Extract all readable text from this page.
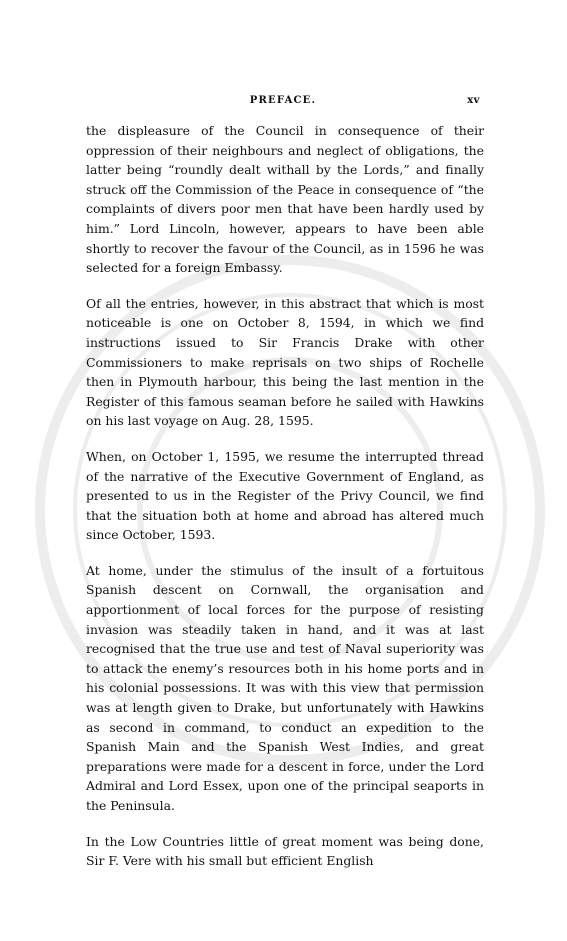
PREFACE.	xv

the displeasure of the Council in consequence of their oppression of their neighbours and neglect of obligations, the latter being “roundly dealt withall by the Lords,” and finally struck off the Commission of the Peace in consequence of “the complaints of divers poor men that have been hardly used by him.” Lord Lincoln, however, appears to have been able shortly to recover the favour of the Council, as in 1596 he was selected for a foreign Embassy.

Of all the entries, however, in this abstract that which is most noticeable is one on October 8, 1594, in which we find instructions issued to Sir Francis Drake with other Commissioners to make reprisals on two ships of Rochelle then in Plymouth harbour, this being the last mention in the Register of this famous seaman before he sailed with Hawkins on his last voyage on Aug. 28, 1595.

When, on October 1, 1595, we resume the interrupted thread of the narrative of the Executive Government of England, as presented to us in the Register of the Privy Council, we find that the situation both at home and abroad has altered much since October, 1593.

At home, under the stimulus of the insult of a fortuitous Spanish descent on Cornwall, the organisation and apportionment of local forces for the purpose of resisting invasion was steadily taken in hand, and it was at last recognised that the true use and test of Naval superiority was to attack the enemy’s resources both in his home ports and in his colonial possessions. It was with this view that permission was at length given to Drake, but unfortunately with Hawkins as second in command, to conduct an expedition to the Spanish Main and the Spanish West Indies, and great preparations were made for a descent in force, under the Lord Admiral and Lord Essex, upon one of the principal seaports in the Peninsula.

In the Low Countries little of great moment was being done, Sir F. Vere with his small but efficient English
